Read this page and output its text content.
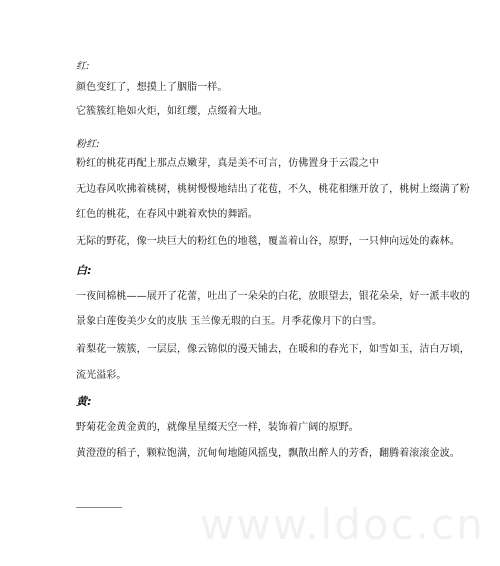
红:
颜色变红了，想摸上了胭脂一样。
它簇簇红艳如火炬，如红缨，点缀着大地。
粉红:
粉红的桃花再配上那点点嫩芽，真是美不可言，仿佛置身于云霞之中
无边春风吹拂着桃树，桃树慢慢地结出了花苞，不久，桃花相继开放了，桃树上缀满了粉
红色的桃花，在春风中跳着欢快的舞蹈。
无际的野花，像一块巨大的粉红色的地毯，覆盖着山谷，原野，一只伸向远处的森林。
白:
一夜间棉桃——展开了花蕾，吐出了一朵朵的白花，放眼望去，银花朵朵，好一派丰收的
景象白莲俊美少女的皮肤 玉兰像无瑕的白玉。月季花像月下的白雪。
着梨花一簇簇，一层层，像云锦似的漫天铺去，在暖和的春光下，如雪如玉，洁白万顷，
流光溢彩。
黄:
野菊花金黄金黄的，就像星星缀天空一样，装饰着广阔的原野。
黄澄澄的稻子，颗粒饱满，沉甸甸地随风摇曳，飘散出醉人的芳香，翻腾着滚滚金波。
www.ldoc.cn
